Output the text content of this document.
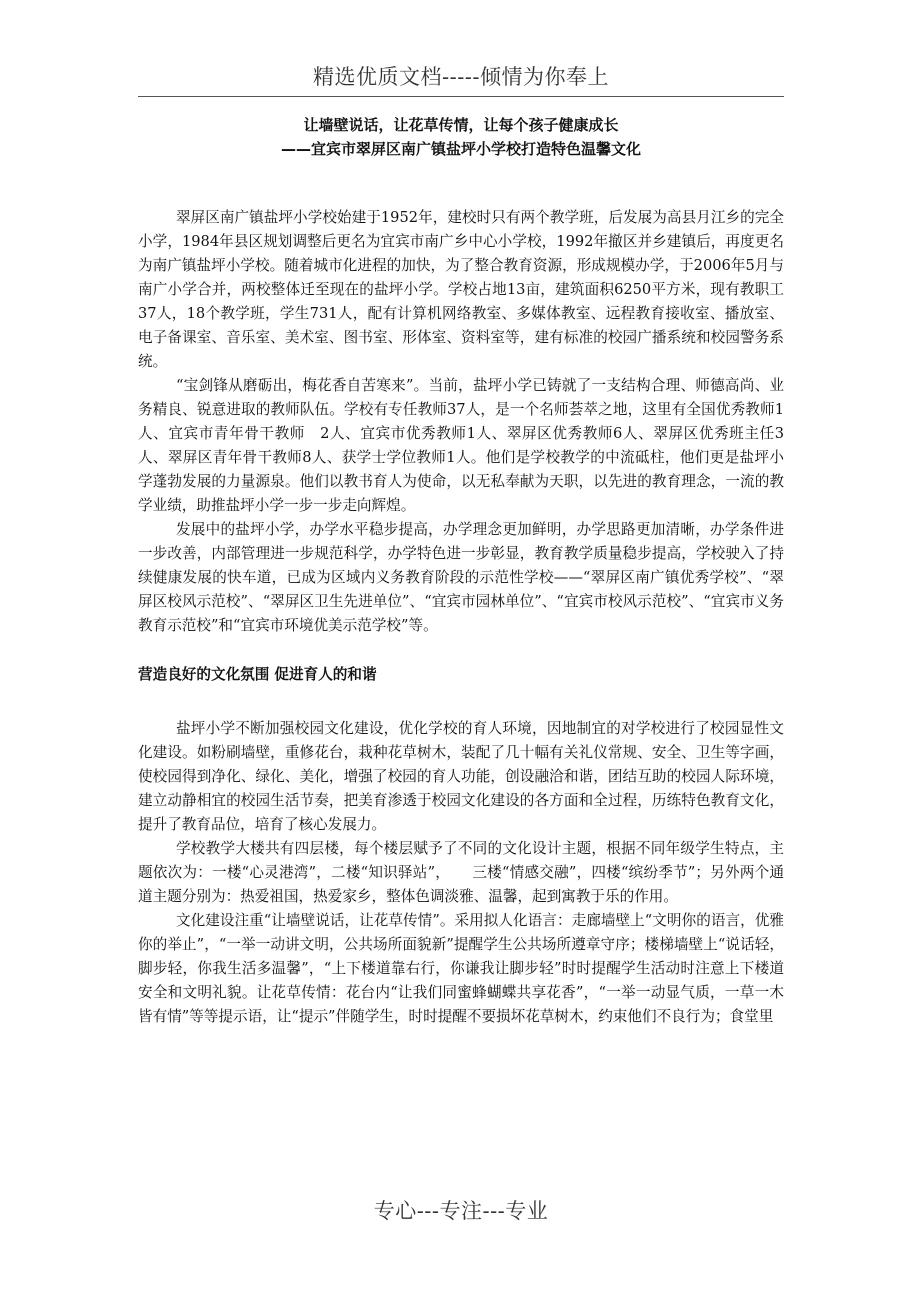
精选优质文档-----倾情为你奉上
让墙壁说话，让花草传情，让每个孩子健康成长
——宜宾市翠屏区南广镇盐坪小学校打造特色温馨文化

翠屏区南广镇盐坪小学校始建于1952年，建校时只有两个教学班，后发展为高县月江乡的完全小学，1984年县区规划调整后更名为宜宾市南广乡中心小学校，1992年撤区并乡建镇后，再度更名为南广镇盐坪小学校。随着城市化进程的加快，为了整合教育资源，形成规模办学，于2006年5月与南广小学合并，两校整体迁至现在的盐坪小学。学校占地13亩，建筑面积6250平方米，现有教职工37人，18个教学班，学生731人，配有计算机网络教室、多媒体教室、远程教育接收室、播放室、电子备课室、音乐室、美术室、图书室、形体室、资料室等，建有标准的校园广播系统和校园警务系统。

“宝剑锋从磨砺出，梅花香自苦寒来”。当前，盐坪小学已铸就了一支结构合理、师德高尚、业务精良、锐意进取的教师队伍。学校有专任教师37人，是一个名师荟萃之地，这里有全国优秀教师1人、宜宾市青年骨干教师　2人、宜宾市优秀教师1人、翠屏区优秀教师6人、翠屏区优秀班主任3人、翠屏区青年骨干教师8人、获学士学位教师1人。他们是学校教学的中流砥柱，他们更是盐坪小学蓬勃发展的力量源泉。他们以教书育人为使命，以无私奉献为天职，以先进的教育理念，一流的教学业绩，助推盐坪小学一步一步走向辉煌。

发展中的盐坪小学，办学水平稳步提高，办学理念更加鲜明，办学思路更加清晰，办学条件进一步改善，内部管理进一步规范科学，办学特色进一步彰显，教育教学质量稳步提高，学校驶入了持续健康发展的快车道，已成为区域内义务教育阶段的示范性学校——“翠屏区南广镇优秀学校”、“翠屏区校风示范校”、“翠屏区卫生先进单位”、“宜宾市园林单位”、“宜宾市校风示范校”、“宜宾市义务教育示范校”和“宜宾市环境优美示范学校”等。

营造良好的文化氛围 促进育人的和谐

盐坪小学不断加强校园文化建设，优化学校的育人环境，因地制宜的对学校进行了校园显性文化建设。如粉刷墙壁，重修花台，栽种花草树木，装配了几十幅有关礼仪常规、安全、卫生等字画，使校园得到净化、绿化、美化，增强了校园的育人功能，创设融洽和谐，团结互助的校园人际环境，建立动静相宜的校园生活节奏，把美育渗透于校园文化建设的各方面和全过程，历练特色教育文化，提升了教育品位，培育了核心发展力。

学校教学大楼共有四层楼，每个楼层赋予了不同的文化设计主题，根据不同年级学生特点，主题依次为：一楼“心灵港湾”，二楼“知识驿站”，　　三楼“情感交融”，四楼“缤纷季节”；另外两个通道主题分别为：热爱祖国，热爱家乡，整体色调淡雅、温馨，起到寓教于乐的作用。

文化建设注重“让墙壁说话，让花草传情”。采用拟人化语言：走廊墙壁上“文明你的语言，优雅你的举止”，“一举一动讲文明，公共场所面貌新”提醒学生公共场所遵章守序；楼梯墙壁上“说话轻，脚步轻，你我生活多温馨”，“上下楼道靠右行，你谦我让脚步轻”时时提醒学生活动时注意上下楼道安全和文明礼貌。让花草传情：花台内“让我们同蜜蜂蝴蝶共享花香”，“一举一动显气质，一草一木皆有情”等等提示语，让“提示”伴随学生，时时提醒不要损坏花草树木，约束他们不良行为；食堂里

专心---专注---专业
